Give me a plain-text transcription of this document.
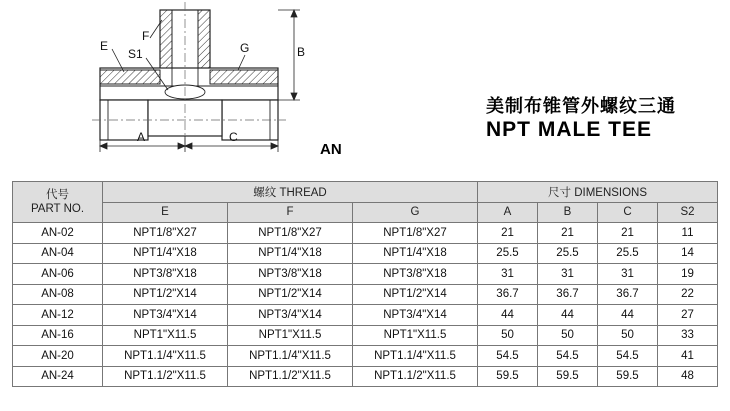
E
F
S1	G	B
A	C
美制布锥管外螺纹三通
NPT MALE TEE
AN
代号
PART NO.	螺纹 THREAD			尺寸 DIMENSIONS			
	E	F	G	A	B	C	S2
AN-02	NPT1/8"X27	NPT1/8"X27	NPT1/8"X27	21	21	21	11
AN-04	NPT1/4"X18	NPT1/4"X18	NPT1/4"X18	25.5	25.5	25.5	14
AN-06	NPT3/8"X18	NPT3/8"X18	NPT3/8"X18	31	31	31	19
AN-08	NPT1/2"X14	NPT1/2"X14	NPT1/2"X14	36.7	36.7	36.7	22
AN-12	NPT3/4"X14	NPT3/4"X14	NPT3/4"X14	44	44	44	27
AN-16	NPT1"X11.5	NPT1"X11.5	NPT1"X11.5	50	50	50	33
AN-20	NPT1.1/4"X11.5	NPT1.1/4"X11.5	NPT1.1/4"X11.5	54.5	54.5	54.5	41
AN-24	NPT1.1/2"X11.5	NPT1.1/2"X11.5	NPT1.1/2"X11.5	59.5	59.5	59.5	48
